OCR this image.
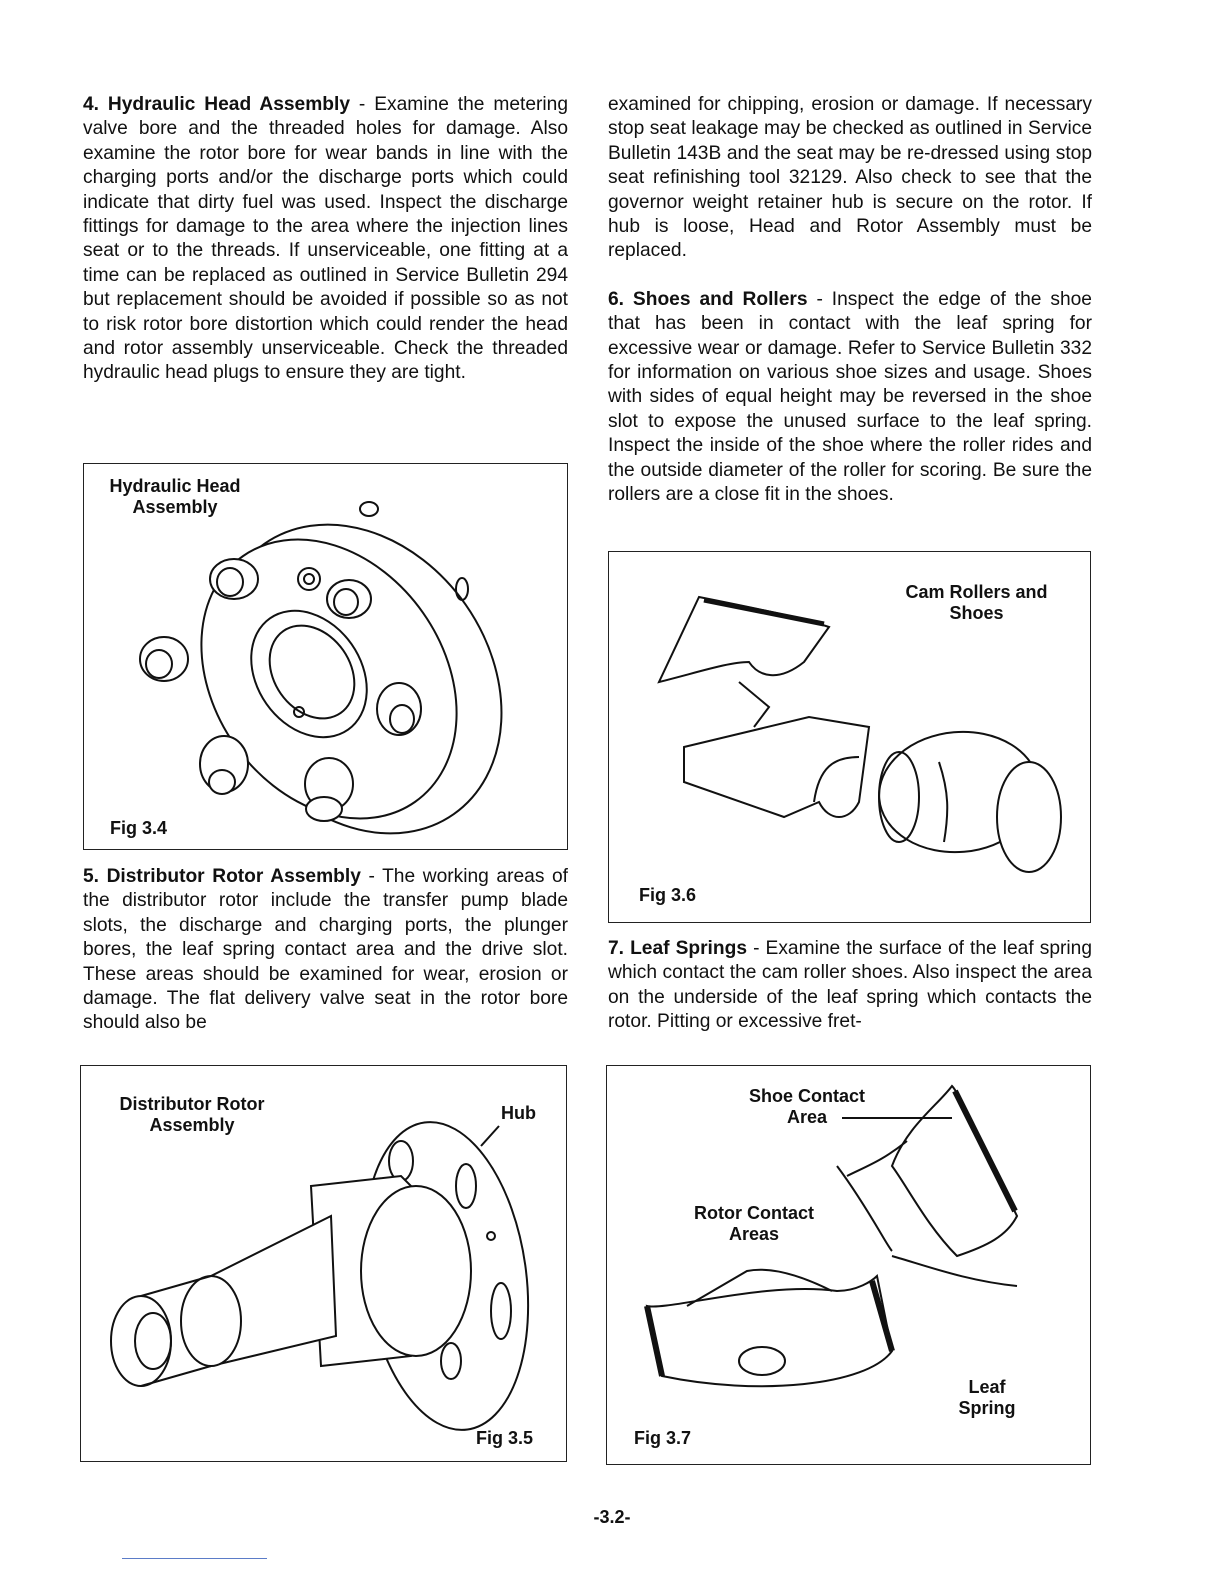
4. Hydraulic Head Assembly - Examine the metering valve bore and the threaded holes for damage. Also examine the rotor bore for wear bands in line with the charging ports and/or the discharge ports which could indicate that dirty fuel was used. Inspect the discharge fittings for damage to the area where the injection lines seat or to the threads. If unserviceable, one fitting at a time can be replaced as outlined in Service Bulletin 294 but replacement should be avoided if possible so as not to risk rotor bore distortion which could render the head and rotor assembly unserviceable. Check the threaded hydraulic head plugs to ensure they are tight.

Hydraulic Head
Assembly
Fig 3.4

5. Distributor Rotor Assembly - The working areas of the distributor rotor include the transfer pump blade slots, the discharge and charging ports, the plunger bores, the leaf spring contact area and the drive slot. These areas should be examined for wear, erosion or damage. The flat delivery valve seat in the rotor bore should also be

Distributor Rotor
Assembly
Hub
Fig 3.5

examined for chipping, erosion or damage. If necessary stop seat leakage may be checked as outlined in Service Bulletin 143B and the seat may be re-dressed using stop seat refinishing tool 32129. Also check to see that the governor weight retainer hub is secure on the rotor. If hub is loose, Head and Rotor Assembly must be replaced.

6. Shoes and Rollers - Inspect the edge of the shoe that has been in contact with the leaf spring for excessive wear or damage. Refer to Service Bulletin 332 for information on various shoe sizes and usage. Shoes with sides of equal height may be reversed in the shoe slot to expose the unused surface to the leaf spring. Inspect the inside of the shoe where the roller rides and the outside diameter of the roller for scoring. Be sure the rollers are a close fit in the shoes.

Cam Rollers and
Shoes
Fig 3.6

7. Leaf Springs - Examine the surface of the leaf spring which contact the cam roller shoes. Also inspect the area on the underside of the leaf spring which contacts the rotor. Pitting or excessive fret-

Shoe Contact
Area
Rotor Contact
Areas
Leaf
Spring
Fig 3.7
-3.2-
